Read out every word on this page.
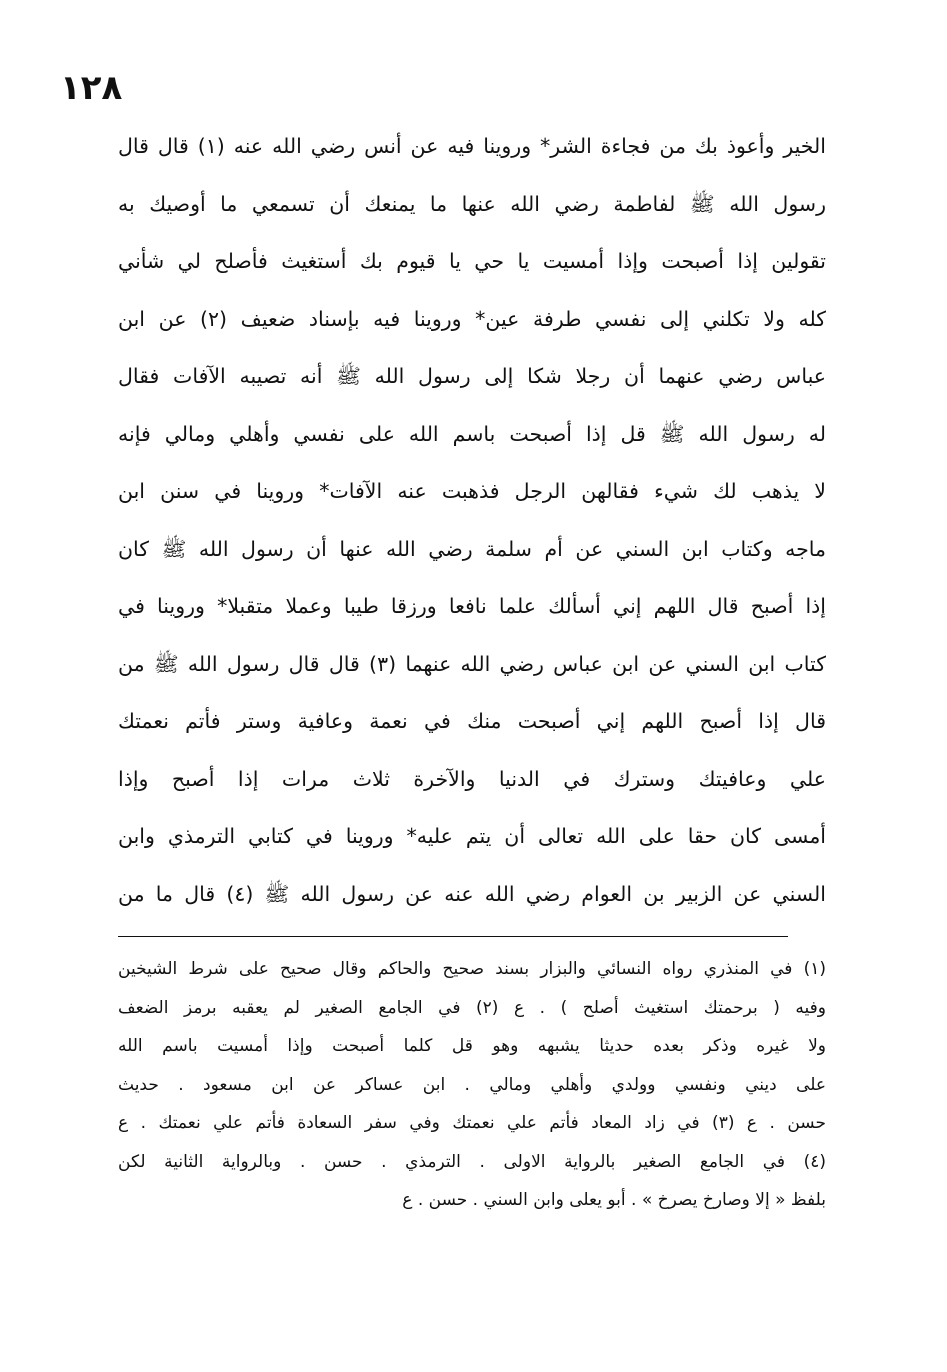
١٢٨
الخير وأعوذ بك من فجاءة الشر* وروينا فيه عن أنس رضي الله عنه (١) قال قال
رسول الله ﷺ لفاطمة رضي الله عنها ما يمنعك أن تسمعي ما أوصيك به
تقولين إذا أصبحت وإذا أمسيت يا حي يا قيوم بك أستغيث فأصلح لي شأني
كله ولا تكلني إلى نفسي طرفة عين* وروينا فيه بإسناد ضعيف (٢) عن ابن
عباس رضي عنهما أن رجلا شكا إلى رسول الله ﷺ أنه تصيبه الآفات فقال
له رسول الله ﷺ قل إذا أصبحت باسم الله على نفسي وأهلي ومالي فإنه
لا يذهب لك شيء فقالهن الرجل فذهبت عنه الآفات* وروينا في سنن ابن
ماجه وكتاب ابن السني عن أم سلمة رضي الله عنها أن رسول الله ﷺ كان
إذا أصبح قال اللهم إني أسألك علما نافعا ورزقا طيبا وعملا متقبلا* وروينا في
كتاب ابن السني عن ابن عباس رضي الله عنهما (٣) قال قال رسول الله ﷺ من
قال إذا أصبح اللهم إني أصبحت منك في نعمة وعافية وستر فأتم نعمتك
علي وعافيتك وسترك في الدنيا والآخرة ثلاث مرات إذا أصبح وإذا
أمسى كان حقا على الله تعالى أن يتم عليه* وروينا في كتابي الترمذي وابن
السني عن الزبير بن العوام رضي الله عنه عن رسول الله ﷺ (٤) قال ما من
(١) في المنذري رواه النسائي والبزار بسند صحيح والحاكم وقال صحيح على شرط الشيخين
وفيه ( برحمتك استغيث أصلح ) . ع (٢) في الجامع الصغير لم يعقبه برمز الضعف
ولا غيره وذكر بعده حديثا يشبهه وهو قل كلما أصبحت وإذا أمسيت باسم الله
على ديني ونفسي وولدي وأهلي ومالي . ابن عساكر عن ابن مسعود . حديث
حسن . ع (٣) في زاد المعاد فأتم علي نعمتك وفي سفر السعادة فأتم علي نعمتك . ع
(٤) في الجامع الصغير بالرواية الاولى . الترمذي . حسن . وبالرواية الثانية لكن
بلفظ « إلا وصارخ يصرخ » . أبو يعلى وابن السني . حسن . ع
